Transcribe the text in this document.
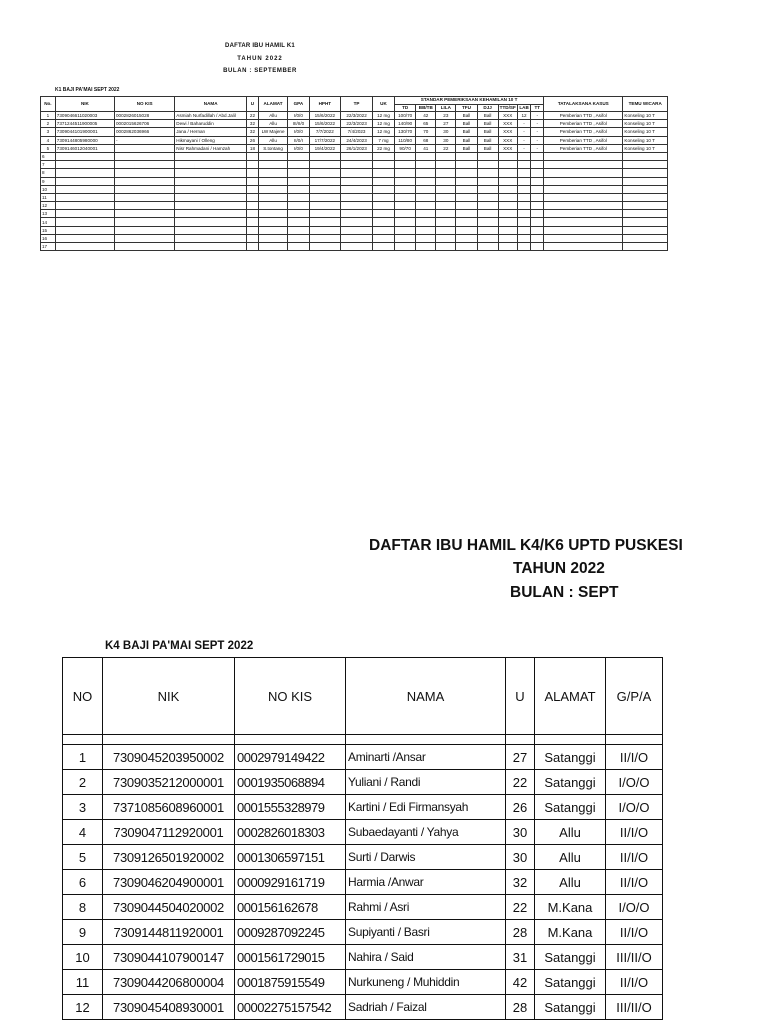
DAFTAR IBU HAMIL K1
TAHUN 2022
BULAN : SEPTEMBER
K1 BAJI PA'MAI SEPT 2022
No.	NIK	NO KIS	NAMA	U	ALAMAT	GPA	HPHT	TP	UK	STANDAR PEMERIKSAAN KEHAMILAN 10 T								TATALAKSANA KASUS	TEMU WICARA
										TD	BB/TB	LILA	TFU	DJJ	TTD/SF	LAB	TT		
1	7309046611020003	0002826015028	Asmiah Nurfadillah / Abd.Jalil	22	Allu	I/0/0	15/6/2022	22/3/2022	12 mg	100/70	42	23	Ball	Ball	XXX	12	-	Pemberian TTD , Asifol	Konseling 10 T
2	7371244511900005	0002015626706	Dewi / Baharuddin	32	Allu	III/II/0	15/6/2022	22/3/2023	12 mg	140/90	65	27	Ball	Ball	XXX	-	-	Pemberian TTD , Asifol	Konseling 10 T
3	7309044101900001	0002862036966	Jana / Hernan	32	LW Majene	I/0/0	7/7/2022	7/4/2023	12 mg	130/70	70	30	Ball	Ball	XXX	-	-	Pemberian TTD , Asifol	Konseling 10 T
4	7309144805980000	-	Hikmayani / Olleng	26	Allu	II/0/I	17/7/2022	24/4/2023	7 mg	110/80	68	30	Ball	Ball	XXX	-	-	Pemberian TTD , Asifol	Konseling 10 T
5	7309146012040001		Nisr Rahmadani / Hamzah	18	S.tontang	I/0/0	19/4/2022	26/1/2023	22 mg	90/70	41	22	Ball	Ball	XXX	-	-	Pemberian TTD , Asifol	Konseling 10 T
6																			
7																			
8																			
9																			
10																			
11																			
12																			
13																			
14																			
15																			
16																			
17																			
DAFTAR IBU HAMIL K4/K6 UPTD PUSKESI
TAHUN 2022
BULAN : SEPT
K4 BAJI PA'MAI SEPT 2022
NO	NIK	NO KIS	NAMA	U	ALAMAT	G/P/A

1	7309045203950002	0002979149422	Aminarti /Ansar	27	Satanggi	II/I/O
2	7309035212000001	0001935068894	Yuliani / Randi	22	Satanggi	I/O/O
3	7371085608960001	0001555328979	Kartini / Edi Firmansyah	26	Satanggi	I/O/O
4	7309047112920001	0002826018303	Subaedayanti / Yahya	30	Allu	II/I/O
5	7309126501920002	0001306597151	Surti / Darwis	30	Allu	II/I/O
6	7309046204900001	0000929161719	Harmia /Anwar	32	Allu	II/I/O
8	7309044504020002	000156162678	Rahmi / Asri	22	M.Kana	I/O/O
9	7309144811920001	0009287092245	Supiyanti / Basri	28	M.Kana	II/I/O
10	7309044107900147	0001561729015	Nahira / Said	31	Satanggi	III/II/O
11	7309044206800004	0001875915549	Nurkuneng / Muhiddin	42	Satanggi	II/I/O
12	7309045408930001	00002275157542	Sadriah / Faizal	28	Satanggi	III/II/O
